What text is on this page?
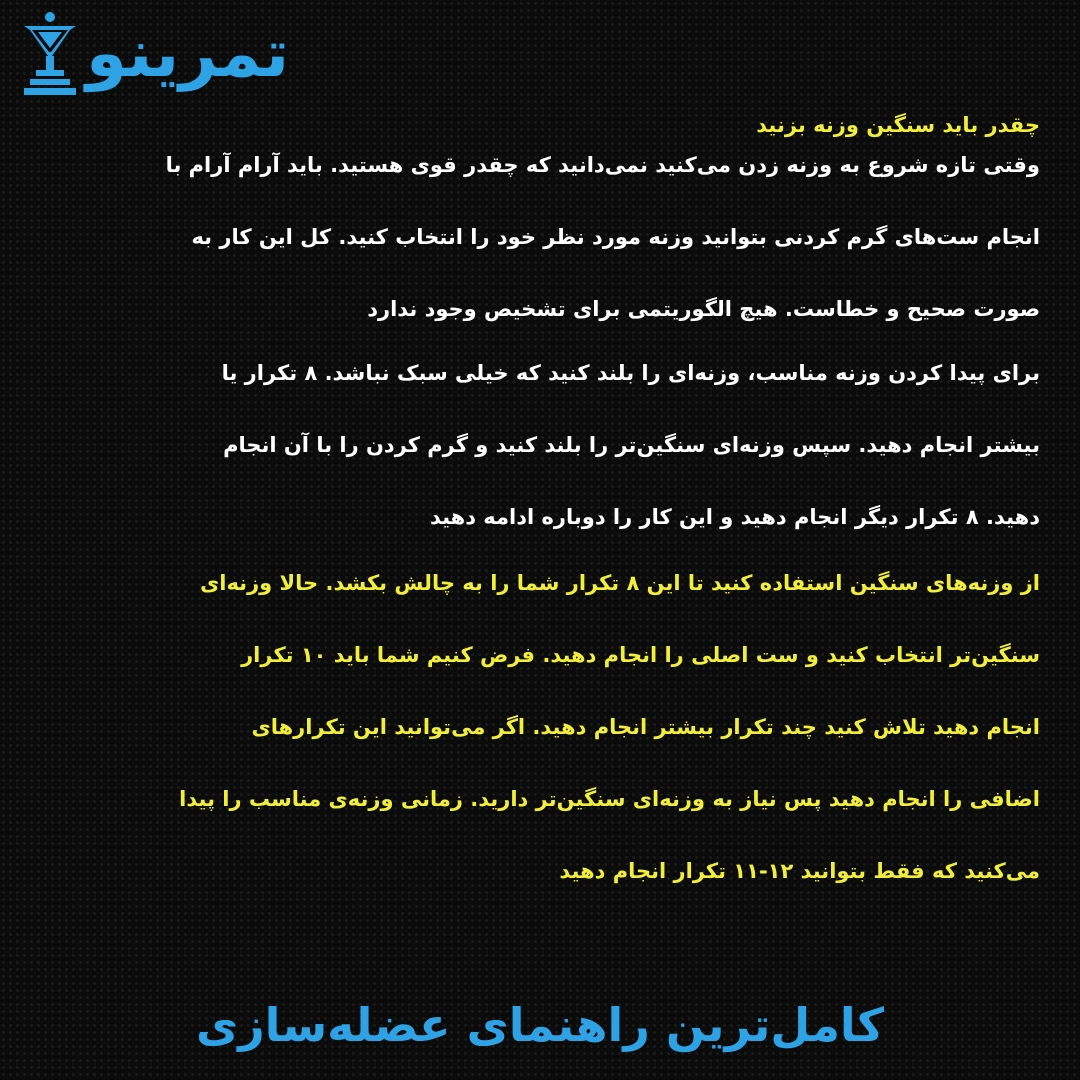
تمرینو
چقدر باید سنگین وزنه بزنید
وقتی تازه شروع به وزنه زدن می‌کنید نمی‌دانید که چقدر قوی هستید. باید آرام آرام با
انجام ست‌های گرم کردنی بتوانید وزنه مورد نظر خود را انتخاب کنید. کل این کار به
صورت صحیح و خطاست. هیچ الگوریتمی برای تشخیص وجود ندارد
برای پیدا کردن وزنه مناسب، وزنه‌ای را بلند کنید که خیلی سبک نباشد. ۸ تکرار یا
بیشتر انجام دهید. سپس وزنه‌ای سنگین‌تر را بلند کنید و گرم کردن را با آن انجام
دهید. ۸ تکرار دیگر انجام دهید و این کار را دوباره ادامه دهید
از وزنه‌های سنگین استفاده کنید تا این ۸ تکرار شما را به چالش بکشد. حالا وزنه‌ای
سنگین‌تر انتخاب کنید و ست اصلی را انجام دهید. فرض کنیم شما باید ۱۰ تکرار
انجام دهید تلاش کنید چند تکرار بیشتر انجام دهید. اگر می‌توانید این تکرارهای
اضافی را انجام دهید پس نیاز به وزنه‌ای سنگین‌تر دارید. زمانی وزنه‌ی مناسب را پیدا
می‌کنید که فقط بتوانید ۱۲-۱۱ تکرار انجام دهید
کامل‌ترین راهنمای عضله‌سازی
